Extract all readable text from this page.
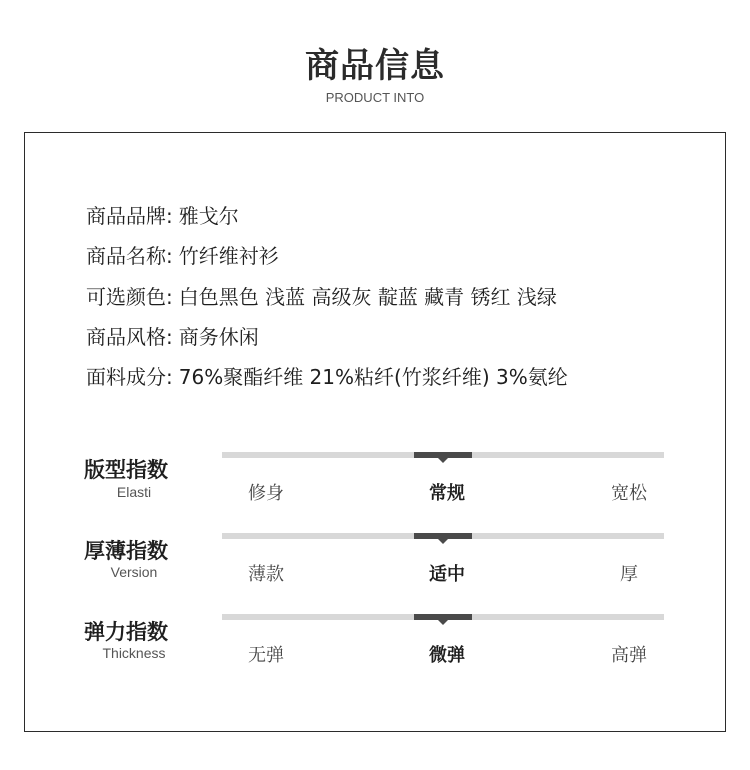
商品信息
PRODUCT INTO
商品品牌: 雅戈尔
商品名称: 竹纤维衬衫
可选颜色: 白色黑色 浅蓝 高级灰 靛蓝 藏青 锈红 浅绿
商品风格: 商务休闲
面料成分: 76%聚酯纤维 21%粘纤(竹浆纤维) 3%氨纶
版型指数
Elasti	修身	常规	宽松
厚薄指数
Version	薄款	适中	厚
弹力指数
Thickness	无弹	微弹	高弹
